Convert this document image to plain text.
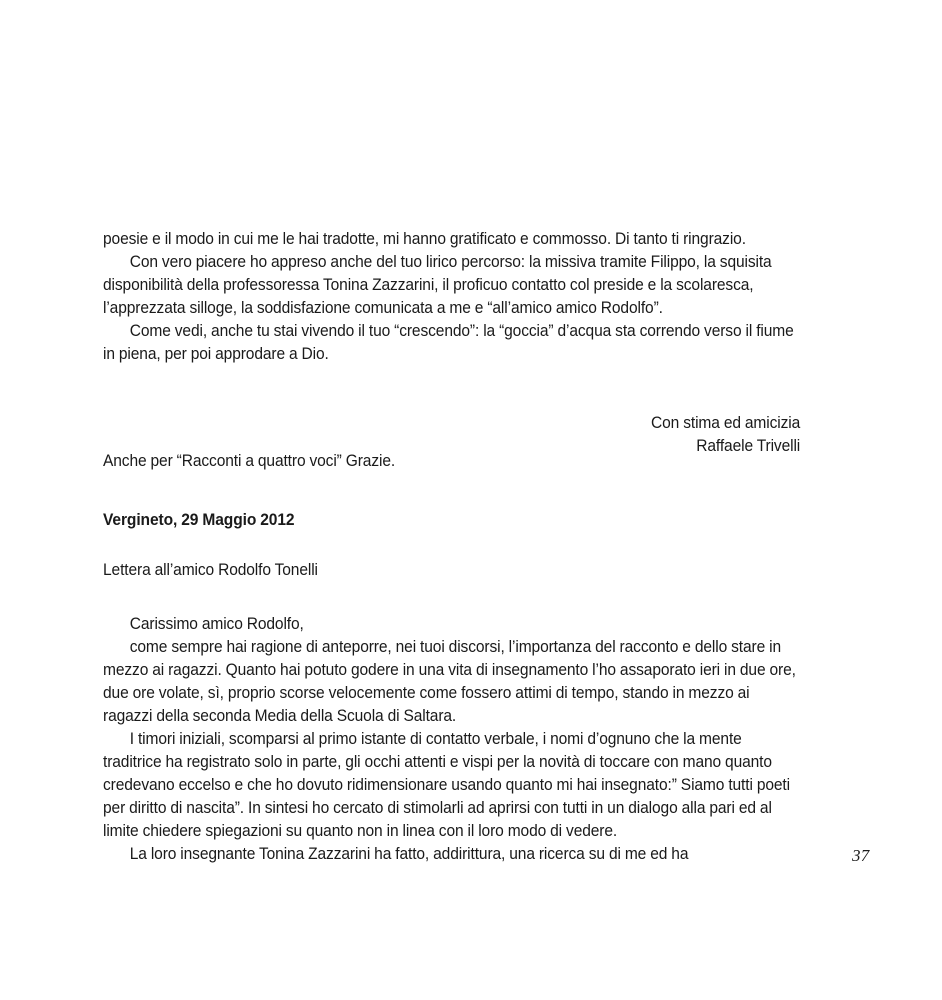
poesie e il modo in cui me le hai tradotte, mi hanno gratificato e commosso. Di tanto ti ringrazio.

Con vero piacere ho appreso anche del tuo lirico percorso: la missiva tramite Filippo, la squisita disponibilità della professoressa Tonina Zazzarini, il proficuo contatto col preside e la scolaresca, l’apprezzata silloge, la soddisfazione comunicata a me e “all’amico amico Rodolfo”.

Come vedi, anche tu stai vivendo il tuo “crescendo”: la “goccia” d’acqua sta correndo verso il fiume in piena, per poi approdare a Dio.

Con stima ed amicizia

Raffaele Trivelli

Anche per “Racconti a quattro voci” Grazie.

Vergineto, 29 Maggio 2012

Lettera all’amico Rodolfo Tonelli

Carissimo amico Rodolfo,

come sempre hai ragione di anteporre, nei tuoi discorsi, l’importanza del racconto e dello stare in mezzo ai ragazzi. Quanto hai potuto godere in una vita di insegnamento l’ho assaporato ieri in due ore, due ore volate, sì, proprio scorse velocemente come fossero attimi di tempo, stando in mezzo ai ragazzi della seconda Media della Scuola di Saltara.

I timori iniziali, scomparsi al primo istante di contatto verbale, i nomi d’ognuno che la mente traditrice ha registrato solo in parte, gli occhi attenti e vispi per la novità di toccare con mano quanto credevano eccelso e che ho dovuto ridimensionare usando quanto mi hai insegnato:” Siamo tutti poeti per diritto di nascita”. In sintesi ho cercato di stimolarli ad aprirsi con tutti in un dialogo alla pari ed al limite chiedere spiegazioni su quanto non in linea con il loro modo di vedere.

La loro insegnante Tonina Zazzarini ha fatto, addirittura, una ricerca su di me ed ha	37
